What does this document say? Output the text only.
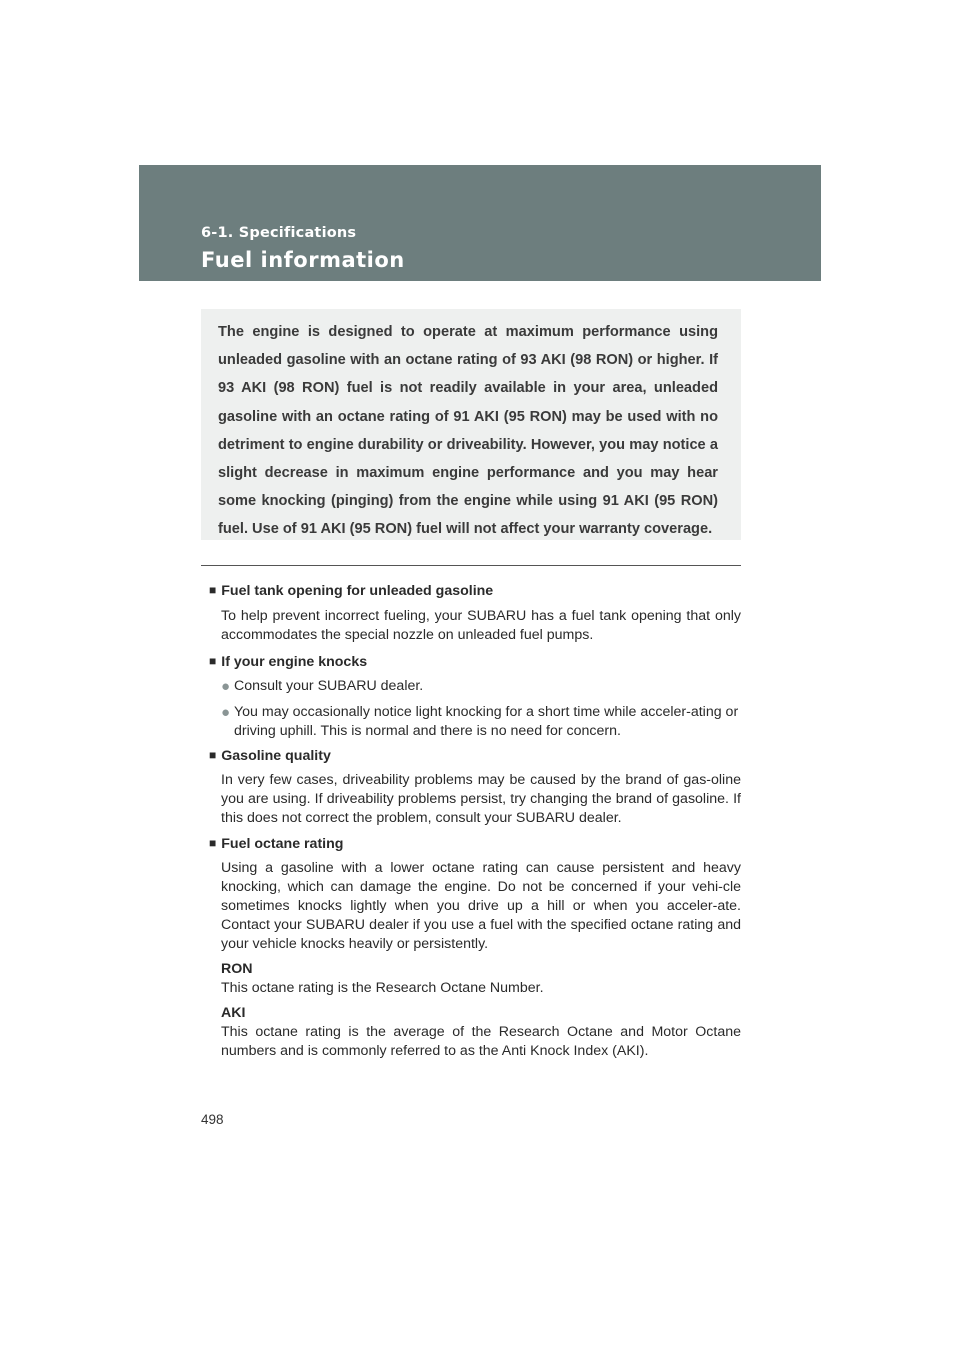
6-1. Specifications
Fuel information

The engine is designed to operate at maximum performance using unleaded gasoline with an octane rating of 93 AKI (98 RON) or higher. If 93 AKI (98 RON) fuel is not readily available in your area, unleaded gasoline with an octane rating of 91 AKI (95 RON) may be used with no detriment to engine durability or driveability. However, you may notice a slight decrease in maximum engine performance and you may hear some knocking (pinging) from the engine while using 91 AKI (95 RON) fuel. Use of 91 AKI (95 RON) fuel will not affect your warranty coverage.

■ Fuel tank opening for unleaded gasoline
To help prevent incorrect fueling, your SUBARU has a fuel tank opening that only accommodates the special nozzle on unleaded fuel pumps.
■ If your engine knocks
● Consult your SUBARU dealer.
● You may occasionally notice light knocking for a short time while acceler-ating or driving uphill. This is normal and there is no need for concern.
■ Gasoline quality
In very few cases, driveability problems may be caused by the brand of gas-oline you are using. If driveability problems persist, try changing the brand of gasoline. If this does not correct the problem, consult your SUBARU dealer.
■ Fuel octane rating
Using a gasoline with a lower octane rating can cause persistent and heavy knocking, which can damage the engine. Do not be concerned if your vehi-cle sometimes knocks lightly when you drive up a hill or when you acceler-ate. Contact your SUBARU dealer if you use a fuel with the specified octane rating and your vehicle knocks heavily or persistently.
RON
This octane rating is the Research Octane Number.
AKI
This octane rating is the average of the Research Octane and Motor Octane numbers and is commonly referred to as the Anti Knock Index (AKI).
498
